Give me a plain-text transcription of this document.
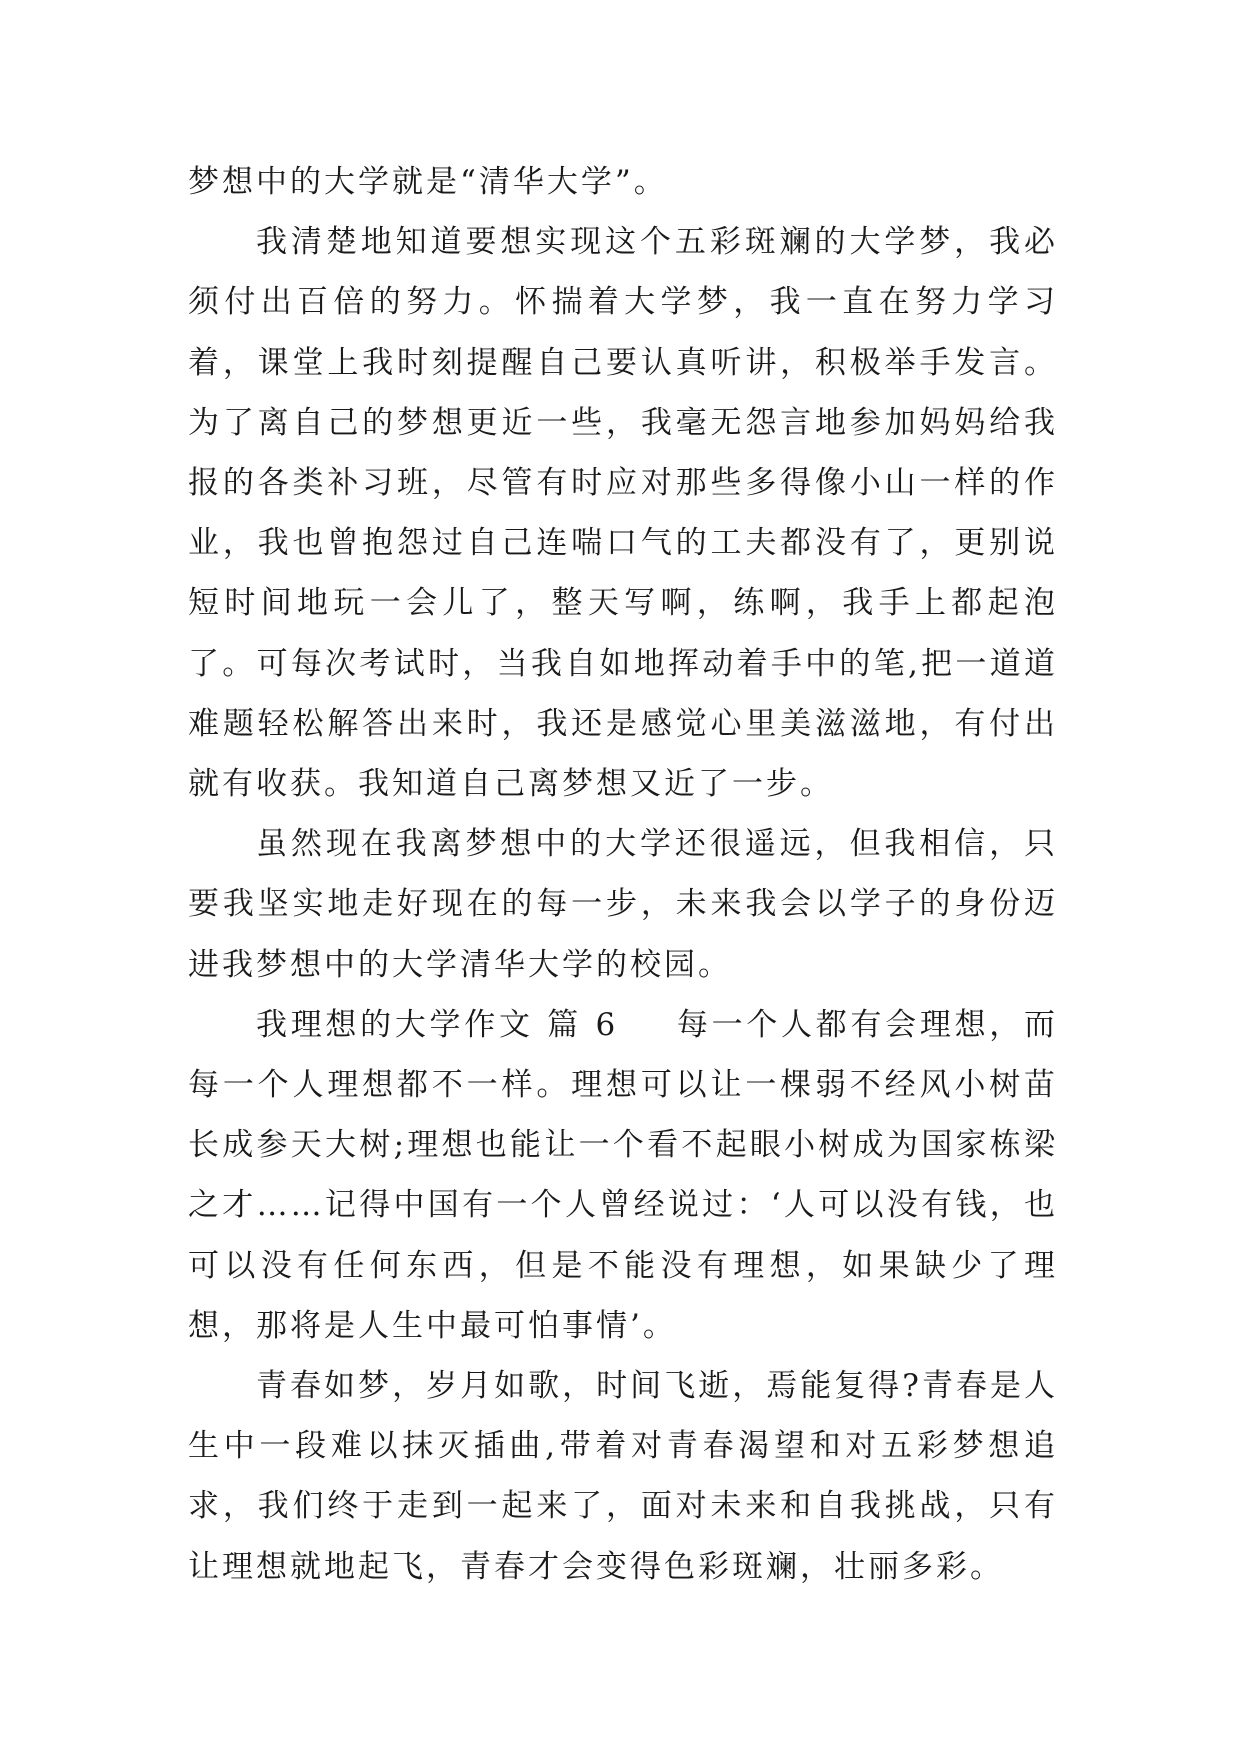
梦想中的大学就是“清华大学”。

我清楚地知道要想实现这个五彩斑斓的大学梦，我必须付出百倍的努力。怀揣着大学梦，我一直在努力学习着，课堂上我时刻提醒自己要认真听讲，积极举手发言。为了离自己的梦想更近一些，我毫无怨言地参加妈妈给我报的各类补习班，尽管有时应对那些多得像小山一样的作业，我也曾抱怨过自己连喘口气的工夫都没有了，更别说短时间地玩一会儿了，整天写啊，练啊，我手上都起泡了。可每次考试时，当我自如地挥动着手中的笔,把一道道难题轻松解答出来时，我还是感觉心里美滋滋地，有付出就有收获。我知道自己离梦想又近了一步。

虽然现在我离梦想中的大学还很遥远，但我相信，只要我坚实地走好现在的每一步，未来我会以学子的身份迈进我梦想中的大学清华大学的校园。

我理想的大学作文 篇 6 每一个人都有会理想，而每一个人理想都不一样。理想可以让一棵弱不经风小树苗长成参天大树;理想也能让一个看不起眼小树成为国家栋梁之才……记得中国有一个人曾经说过：‘人可以没有钱，也可以没有任何东西，但是不能没有理想，如果缺少了理想，那将是人生中最可怕事情’。

青春如梦，岁月如歌，时间飞逝，焉能复得?青春是人生中一段难以抹灭插曲,带着对青春渴望和对五彩梦想追求，我们终于走到一起来了，面对未来和自我挑战，只有让理想就地起飞，青春才会变得色彩斑斓，壮丽多彩。
